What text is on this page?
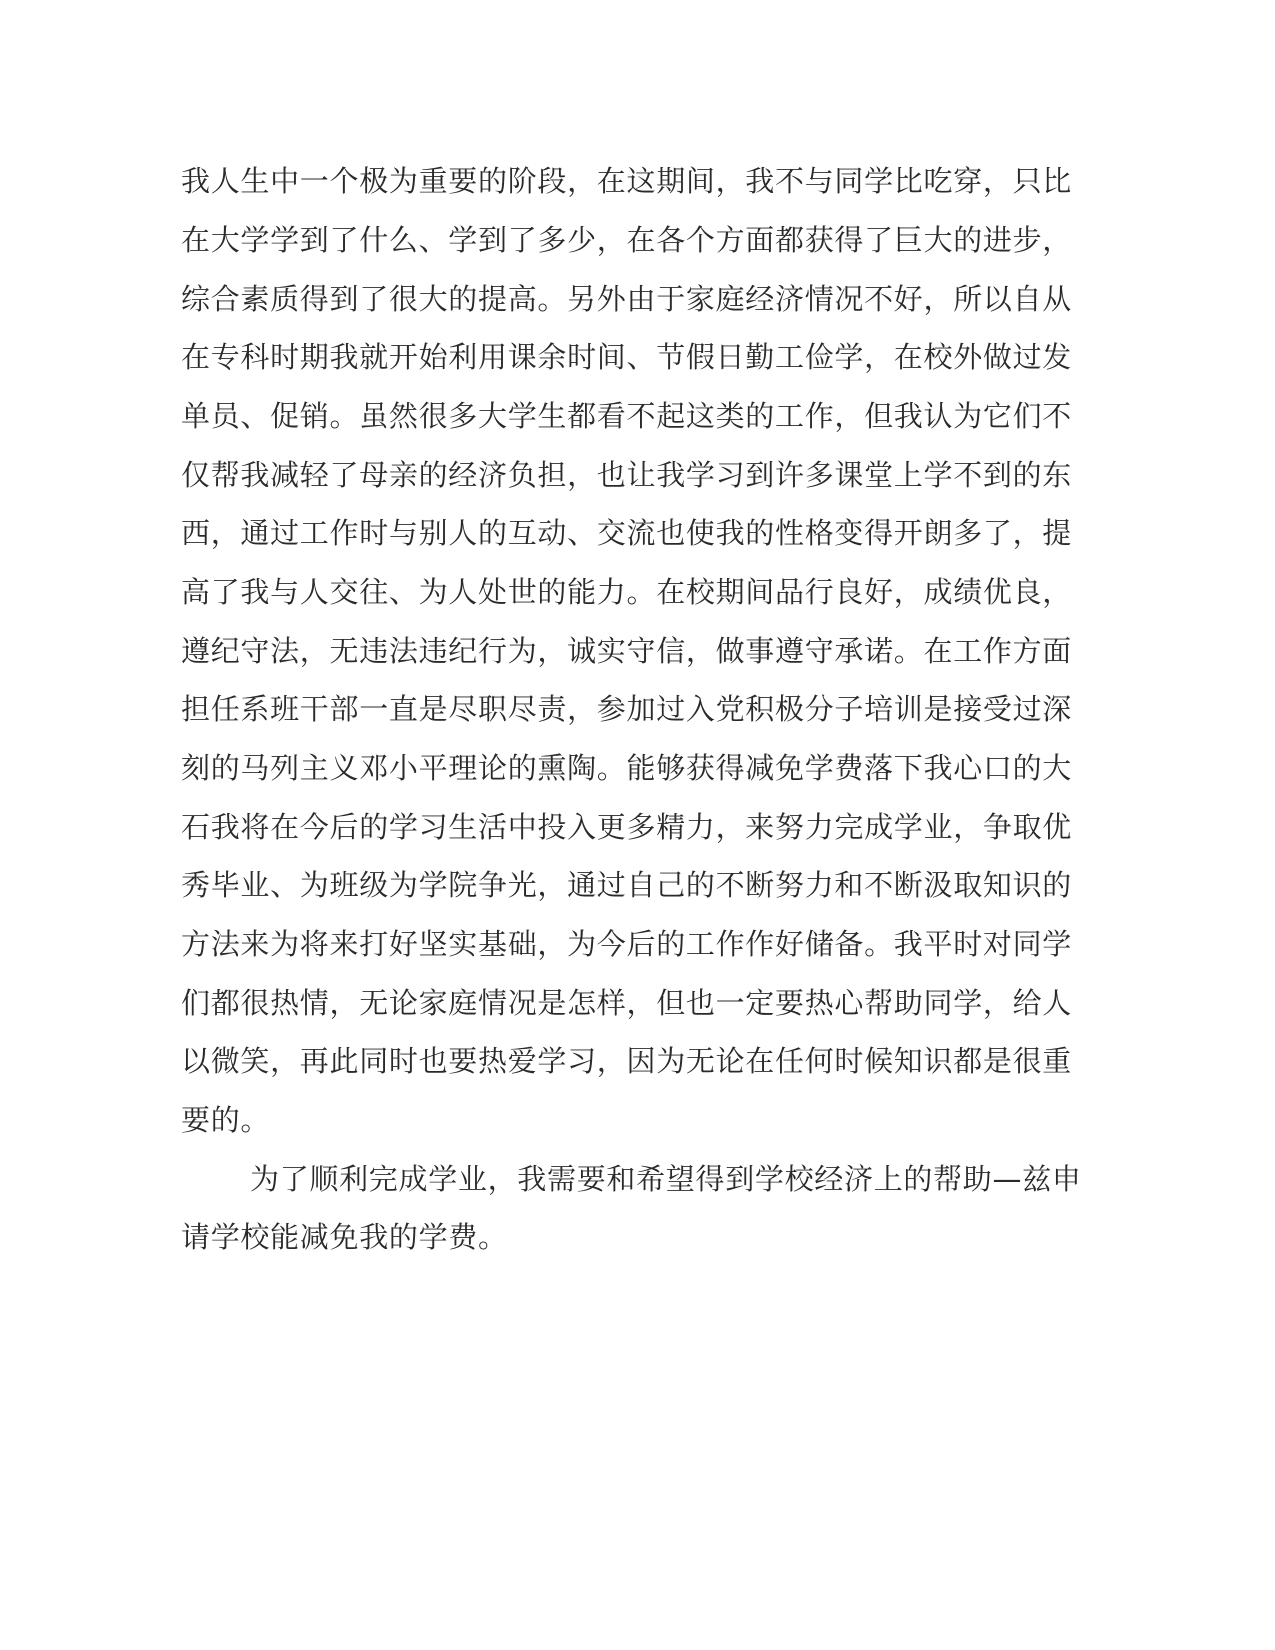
我人生中一个极为重要的阶段，在这期间，我不与同学比吃穿，只比

在大学学到了什么、学到了多少，在各个方面都获得了巨大的进步，

综合素质得到了很大的提高。另外由于家庭经济情况不好，所以自从

在专科时期我就开始利用课余时间、节假日勤工俭学，在校外做过发

单员、促销。虽然很多大学生都看不起这类的工作，但我认为它们不

仅帮我减轻了母亲的经济负担，也让我学习到许多课堂上学不到的东

西，通过工作时与别人的互动、交流也使我的性格变得开朗多了，提

高了我与人交往、为人处世的能力。在校期间品行良好，成绩优良，

遵纪守法，无违法违纪行为，诚实守信，做事遵守承诺。在工作方面

担任系班干部一直是尽职尽责，参加过入党积极分子培训是接受过深

刻的马列主义邓小平理论的熏陶。能够获得减免学费落下我心口的大

石我将在今后的学习生活中投入更多精力，来努力完成学业，争取优

秀毕业、为班级为学院争光，通过自己的不断努力和不断汲取知识的

方法来为将来打好坚实基础，为今后的工作作好储备。我平时对同学

们都很热情，无论家庭情况是怎样，但也一定要热心帮助同学，给人

以微笑，再此同时也要热爱学习，因为无论在任何时候知识都是很重

要的。

为了顺利完成学业，我需要和希望得到学校经济上的帮助—兹申

请学校能减免我的学费。
